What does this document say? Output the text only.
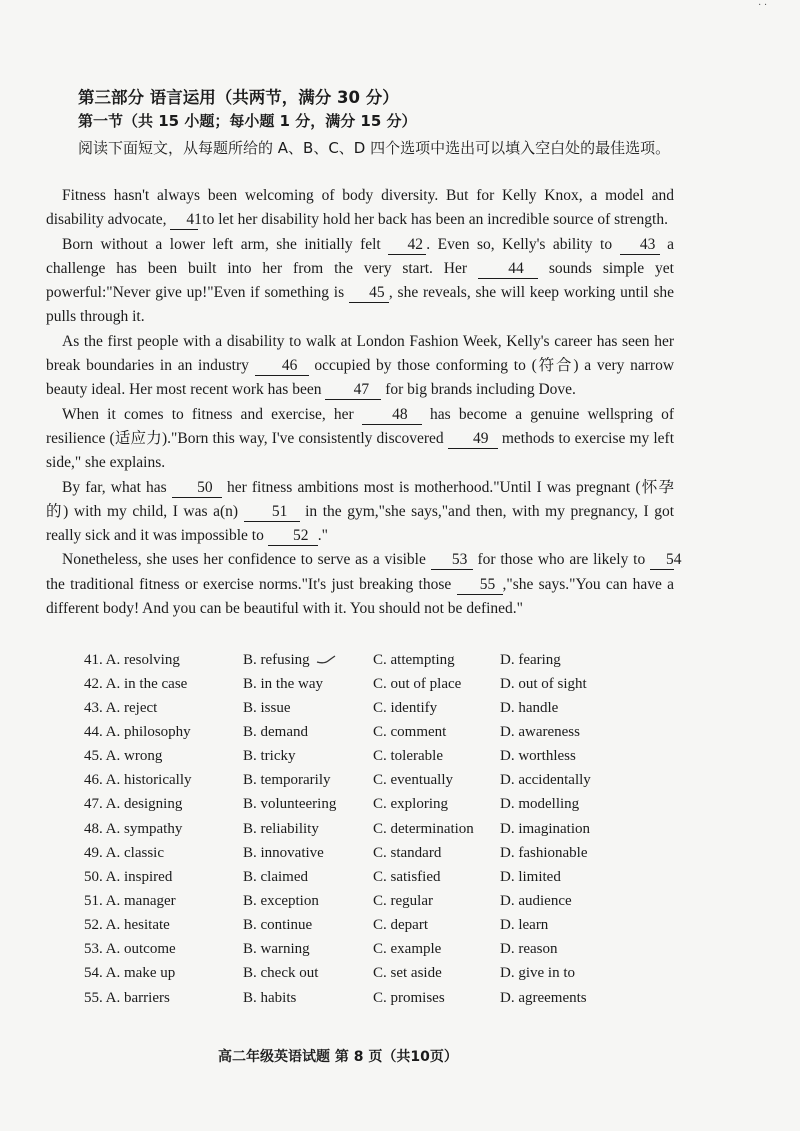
· ·
第三部分 语言运用（共两节，满分 30 分）
第一节（共 15 小题；每小题 1 分，满分 15 分）
阅读下面短文，从每题所给的 A、B、C、D 四个选项中选出可以填入空白处的最佳选项。

Fitness hasn't always been welcoming of body diversity. But for Kelly Knox, a model and disability advocate, 41 to let her disability hold her back has been an incredible source of strength.

Born without a lower left arm, she initially felt 42 . Even so, Kelly's ability to 43 a challenge has been built into her from the very start. Her	44 sounds simple yet powerful:"Never give up!"Even if something is 45 , she reveals, she will keep working until she pulls through it.

As the first people with a disability to walk at London Fashion Week, Kelly's career has seen her break boundaries in an industry 46 occupied by those conforming to (符合) a very narrow beauty ideal. Her most recent work has been 47 for big brands including Dove.

When it comes to fitness and exercise, her 48 has become a genuine wellspring of resilience (适应力)."Born this way, I've consistently discovered 49 methods to exercise my left side," she explains.

By far, what has 50 her fitness ambitions most is motherhood."Until I was pregnant (怀孕的) with my child, I was a(n) 51 in the gym,"she says,"and then, with my pregnancy, I got really sick and it was impossible to 52 ."

Nonetheless, she uses her confidence to serve as a visible 53 for those who are likely to 54 the traditional fitness or exercise norms."It's just breaking those 55 ,"she says."You can have a different body! And you can be beautiful with it. You should not be defined."

41. A. resolving	B. refusing	C. attempting	D. fearing
42. A. in the case	B. in the way	C. out of place	D. out of sight
43. A. reject	B. issue	C. identify	D. handle
44. A. philosophy	B. demand	C. comment	D. awareness
45. A. wrong	B. tricky	C. tolerable	D. worthless
46. A. historically	B. temporarily	C. eventually	D. accidentally
47. A. designing	B. volunteering	C. exploring	D. modelling
48. A. sympathy	B. reliability	C. determination	D. imagination
49. A. classic	B. innovative	C. standard	D. fashionable
50. A. inspired	B. claimed	C. satisfied	D. limited
51. A. manager	B. exception	C. regular	D. audience
52. A. hesitate	B. continue	C. depart	D. learn
53. A. outcome	B. warning	C. example	D. reason
54. A. make up	B. check out	C. set aside	D. give in to
55. A. barriers	B. habits	C. promises	D. agreements
高二年级英语试题 第 8 页（共10页）
